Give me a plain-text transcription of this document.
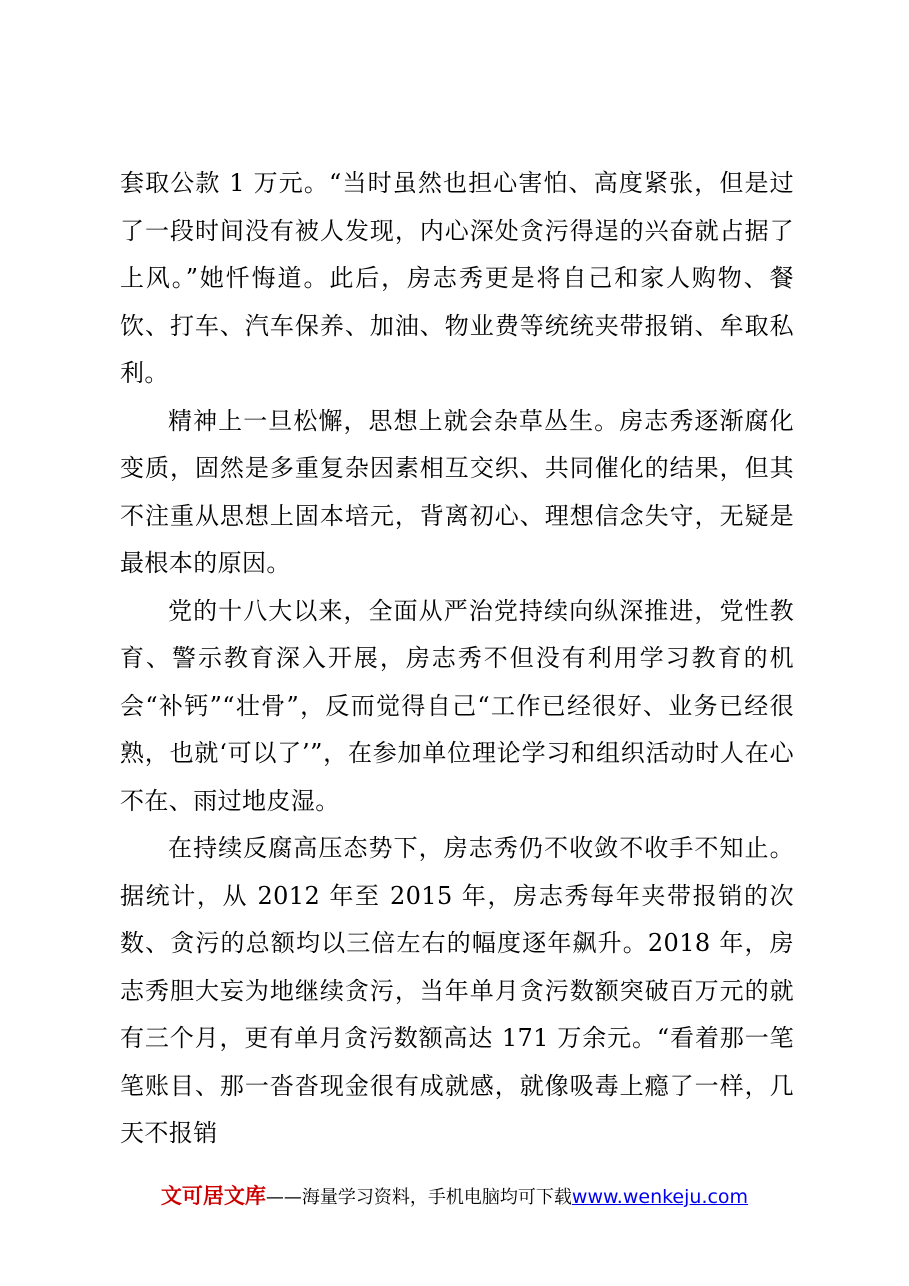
套取公款 1 万元。“当时虽然也担心害怕、高度紧张，但是过了一段时间没有被人发现，内心深处贪污得逞的兴奋就占据了上风。”她忏悔道。此后，房志秀更是将自己和家人购物、餐饮、打车、汽车保养、加油、物业费等统统夹带报销、牟取私利。

精神上一旦松懈，思想上就会杂草丛生。房志秀逐渐腐化变质，固然是多重复杂因素相互交织、共同催化的结果，但其不注重从思想上固本培元，背离初心、理想信念失守，无疑是最根本的原因。

党的十八大以来，全面从严治党持续向纵深推进，党性教育、警示教育深入开展，房志秀不但没有利用学习教育的机会“补钙”“壮骨”，反而觉得自己“工作已经很好、业务已经很熟，也就‘可以了’”，在参加单位理论学习和组织活动时人在心不在、雨过地皮湿。

在持续反腐高压态势下，房志秀仍不收敛不收手不知止。据统计，从 2012 年至 2015 年，房志秀每年夹带报销的次数、贪污的总额均以三倍左右的幅度逐年飙升。2018 年，房志秀胆大妄为地继续贪污，当年单月贪污数额突破百万元的就有三个月，更有单月贪污数额高达 171 万余元。“看着那一笔笔账目、那一沓沓现金很有成就感，就像吸毒上瘾了一样，几天不报销

文可居文库——海量学习资料，手机电脑均可下载www.wenkeju.com
